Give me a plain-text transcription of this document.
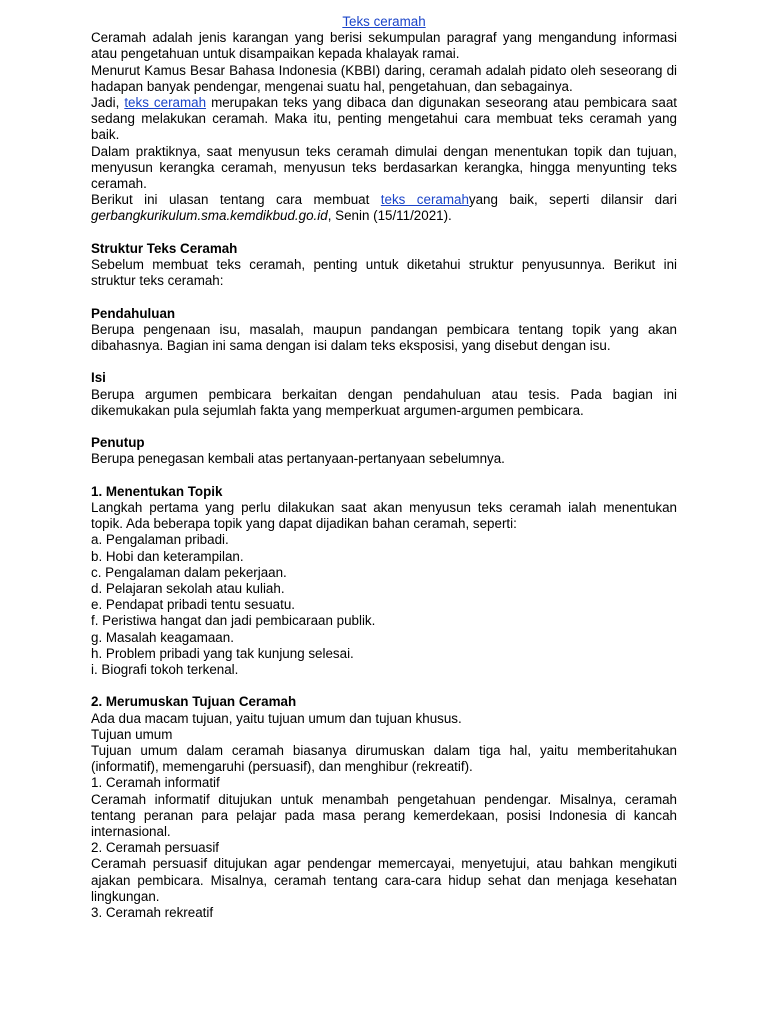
Teks ceramah

Ceramah adalah jenis karangan yang berisi sekumpulan paragraf yang mengandung informasi atau pengetahuan untuk disampaikan kepada khalayak ramai.

Menurut Kamus Besar Bahasa Indonesia (KBBI) daring, ceramah adalah pidato oleh seseorang di hadapan banyak pendengar, mengenai suatu hal, pengetahuan, dan sebagainya.

Jadi, teks ceramah merupakan teks yang dibaca dan digunakan seseorang atau pembicara saat sedang melakukan ceramah. Maka itu, penting mengetahui cara membuat teks ceramah yang baik.

Dalam praktiknya, saat menyusun teks ceramah dimulai dengan menentukan topik dan tujuan, menyusun kerangka ceramah, menyusun teks berdasarkan kerangka, hingga menyunting teks ceramah.

Berikut ini ulasan tentang cara membuat teks ceramahyang baik, seperti dilansir dari gerbangkurikulum.sma.kemdikbud.go.id, Senin (15/11/2021).

Struktur Teks Ceramah

Sebelum membuat teks ceramah, penting untuk diketahui struktur penyusunnya. Berikut ini struktur teks ceramah:

Pendahuluan

Berupa pengenaan isu, masalah, maupun pandangan pembicara tentang topik yang akan dibahasnya. Bagian ini sama dengan isi dalam teks eksposisi, yang disebut dengan isu.

Isi

Berupa argumen pembicara berkaitan dengan pendahuluan atau tesis. Pada bagian ini dikemukakan pula sejumlah fakta yang memperkuat argumen-argumen pembicara.

Penutup

Berupa penegasan kembali atas pertanyaan-pertanyaan sebelumnya.

1. Menentukan Topik

Langkah pertama yang perlu dilakukan saat akan menyusun teks ceramah ialah menentukan topik. Ada beberapa topik yang dapat dijadikan bahan ceramah, seperti:

a. Pengalaman pribadi.
b. Hobi dan keterampilan.
c. Pengalaman dalam pekerjaan.
d. Pelajaran sekolah atau kuliah.
e. Pendapat pribadi tentu sesuatu.
f. Peristiwa hangat dan jadi pembicaraan publik.
g. Masalah keagamaan.
h. Problem pribadi yang tak kunjung selesai.
i. Biografi tokoh terkenal.
2. Merumuskan Tujuan Ceramah

Ada dua macam tujuan, yaitu tujuan umum dan tujuan khusus.

Tujuan umum

Tujuan umum dalam ceramah biasanya dirumuskan dalam tiga hal, yaitu memberitahukan (informatif), memengaruhi (persuasif), dan menghibur (rekreatif).

1. Ceramah informatif

Ceramah informatif ditujukan untuk menambah pengetahuan pendengar. Misalnya, ceramah tentang peranan para pelajar pada masa perang kemerdekaan, posisi Indonesia di kancah internasional.

2. Ceramah persuasif

Ceramah persuasif ditujukan agar pendengar memercayai, menyetujui, atau bahkan mengikuti ajakan pembicara. Misalnya, ceramah tentang cara-cara hidup sehat dan menjaga kesehatan lingkungan.

3. Ceramah rekreatif
